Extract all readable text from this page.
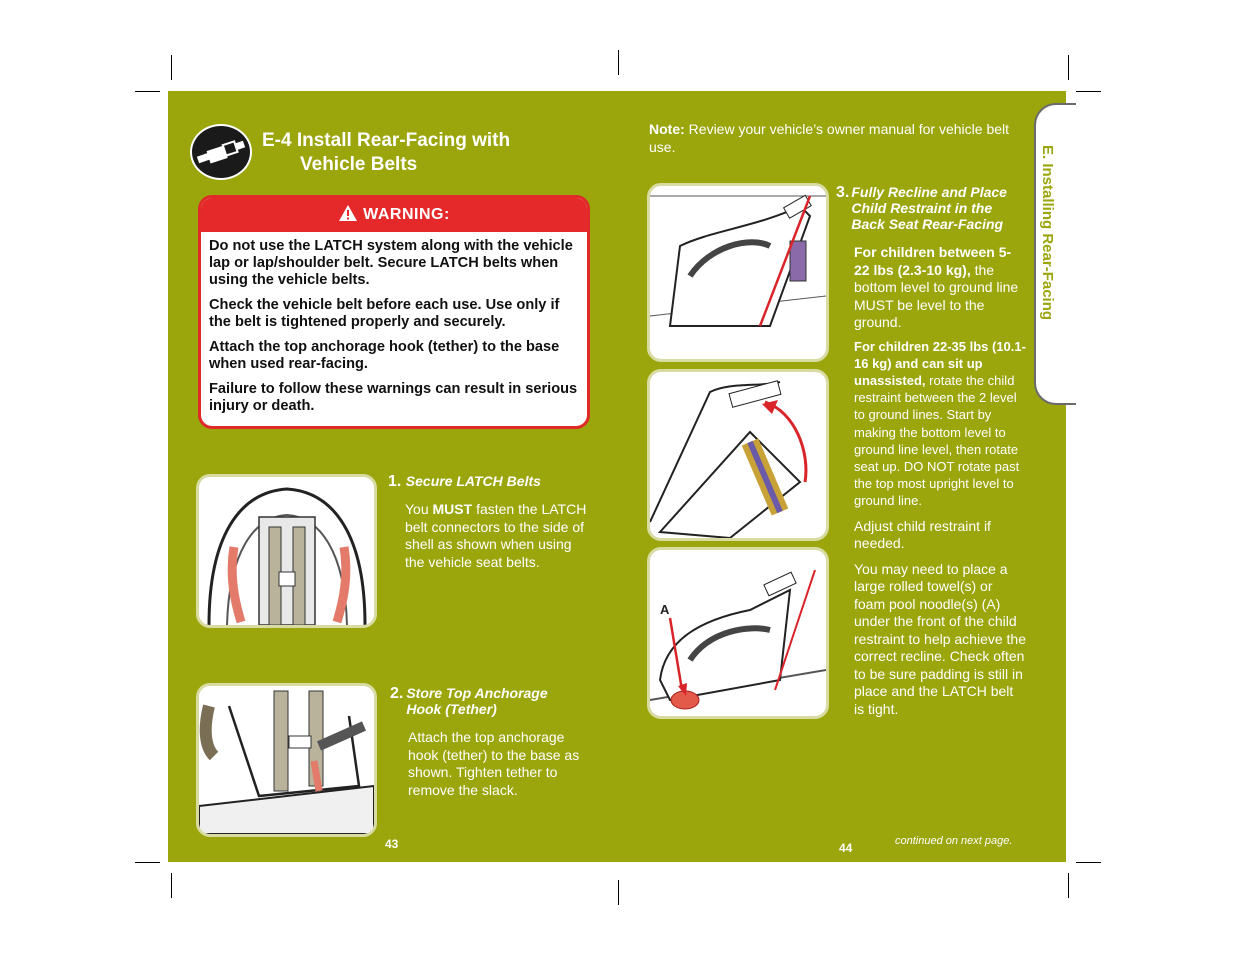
E-4 Install Rear-Facing with
Vehicle Belts
WARNING:

Do not use the LATCH system along with the vehicle lap or lap/shoulder belt. Secure LATCH belts when using the vehicle belts.

Check the vehicle belt before each use. Use only if the belt is tightened properly and securely.

Attach the top anchorage hook (tether) to the base when used rear-facing.

Failure to follow these warnings can result in serious injury or death.

1. Secure LATCH Belts
You MUST fasten the LATCH belt connectors to the side of shell as shown when using the vehicle seat belts.
2. Store Top Anchorage
Hook (Tether)
Attach the top anchorage hook (tether) to the base as shown. Tighten tether to remove the slack.
43
Note: Review your vehicle’s owner manual for vehicle belt use.
A
3. Fully Recline and Place
Child Restraint in the
Back Seat Rear-Facing
For children between 5-22 lbs (2.3-10 kg), the bottom level to ground line MUST be level to the ground.
For children 22-35 lbs (10.1-16 kg) and can sit up unassisted, rotate the child restraint between the 2 level to ground lines. Start by making the bottom level to ground line level, then rotate seat up. DO NOT rotate past the top most upright level to ground line.
Adjust child restraint if needed.
You may need to place a large rolled towel(s) or foam pool noodle(s) (A) under the front of the child restraint to help achieve the correct recline. Check often to be sure padding is still in place and the LATCH belt is tight.
44	continued on next page.
E. Installing Rear-Facing
